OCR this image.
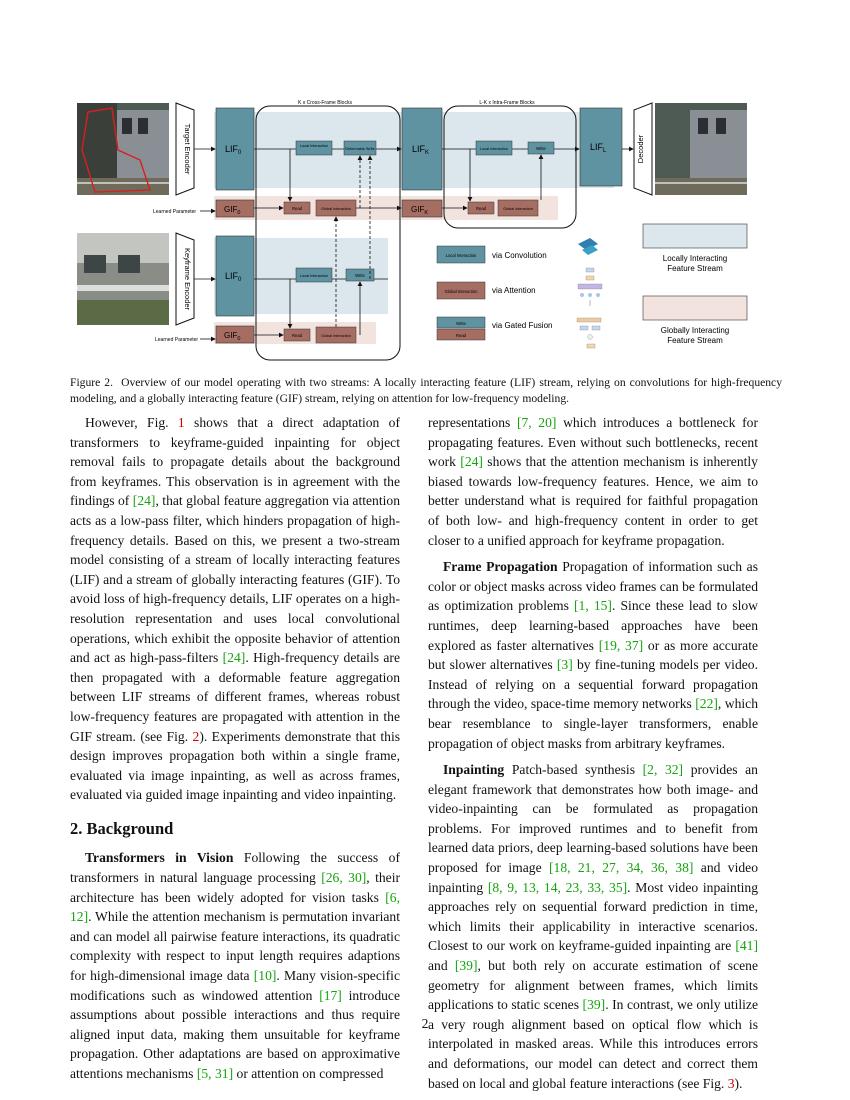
K x Cross-Frame Blocks	L-K x Intra-Frame Blocks
Target Encoder
Keyframe Encoder
Decoder
$LIF_0$	$LIF_K$
$LIF_L$
$LIF_0$
$GIF_0$	$GIF_K$
$GIF_0$
Learned Parameter
Learned Parameter
Local Interaction
Deformable Write
Read	Global Interaction
Local Interaction	Write
Read	Global Interaction
Local Interaction	Write
Read	Global Interaction
Local Interaction via Convolution
Global Interaction via Attention
Write
Read
via Gated Fusion
Locally Interacting
Feature Stream
Globally Interacting
Feature Stream
Figure 2. Overview of our model operating with two streams: A locally interacting feature (LIF) stream, relying on convolutions for high-frequency modeling, and a globally interacting feature (GIF) stream, relying on attention for low-frequency modeling.

However, Fig. 1 shows that a direct adaptation of transformers to keyframe-guided inpainting for object removal fails to propagate details about the background from keyframes. This observation is in agreement with the findings of [24], that global feature aggregation via attention acts as a low-pass filter, which hinders propagation of high-frequency details. Based on this, we present a two-stream model consisting of a stream of locally interacting features (LIF) and a stream of globally interacting features (GIF). To avoid loss of high-frequency details, LIF operates on a high-resolution representation and uses local convolutional operations, which exhibit the opposite behavior of attention and act as high-pass-filters [24]. High-frequency details are then propagated with a deformable feature aggregation between LIF streams of different frames, whereas robust low-frequency features are propagated with attention in the GIF stream. (see Fig. 2). Experiments demonstrate that this design improves propagation both within a single frame, evaluated via image inpainting, as well as across frames, evaluated via guided image inpainting and video inpainting.

2. Background

Transformers in Vision Following the success of transformers in natural language processing [26, 30], their architecture has been widely adopted for vision tasks [6, 12]. While the attention mechanism is permutation invariant and can model all pairwise feature interactions, its quadratic complexity with respect to input length requires adaptions for high-dimensional image data [10]. Many vision-specific modifications such as windowed attention [17] introduce assumptions about possible interactions and thus require aligned input data, making them unsuitable for keyframe propagation. Other adaptations are based on approximative attentions mechanisms [5, 31] or attention on compressed

representations [7, 20] which introduces a bottleneck for propagating features. Even without such bottlenecks, recent work [24] shows that the attention mechanism is inherently biased towards low-frequency features. Hence, we aim to better understand what is required for faithful propagation of both low- and high-frequency content in order to get closer to a unified approach for keyframe propagation.

Frame Propagation Propagation of information such as color or object masks across video frames can be formulated as optimization problems [1, 15]. Since these lead to slow runtimes, deep learning-based approaches have been explored as faster alternatives [19, 37] or as more accurate but slower alternatives [3] by fine-tuning models per video. Instead of relying on a sequential forward propagation through the video, space-time memory networks [22], which bear resemblance to single-layer transformers, enable propagation of object masks from arbitrary keyframes.

Inpainting Patch-based synthesis [2, 32] provides an elegant framework that demonstrates how both image- and video-inpainting can be formulated as propagation problems. For improved runtimes and to benefit from learned data priors, deep learning-based solutions have been proposed for image [18, 21, 27, 34, 36, 38] and video inpainting [8, 9, 13, 14, 23, 33, 35]. Most video inpainting approaches rely on sequential forward prediction in time, which limits their applicability in interactive scenarios. Closest to our work on keyframe-guided inpainting are [41] and [39], but both rely on accurate estimation of scene geometry for alignment between frames, which limits applications to static scenes [39]. In contrast, we only utilize a very rough alignment based on optical flow which is interpolated in masked areas. While this introduces errors and deformations, our model can detect and correct them based on local and global feature interactions (see Fig. 3).

2
